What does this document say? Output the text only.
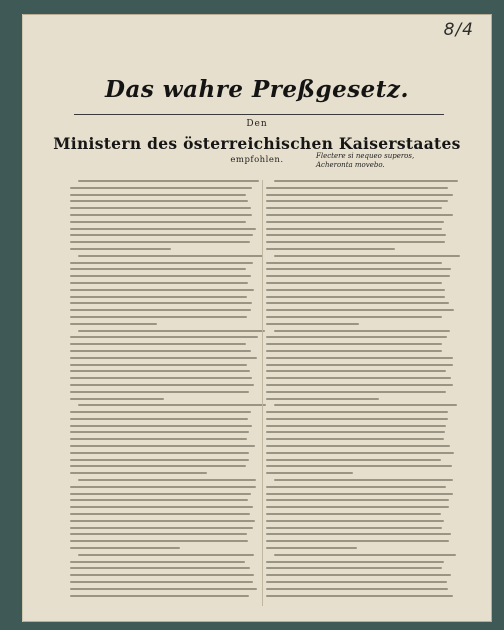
8/4
Das wahre Preßgesetz.
Den
Ministern des österreichischen Kaiserstaates
empfohlen.	Flectere si nequeo superos,
Acheronta movebo.
